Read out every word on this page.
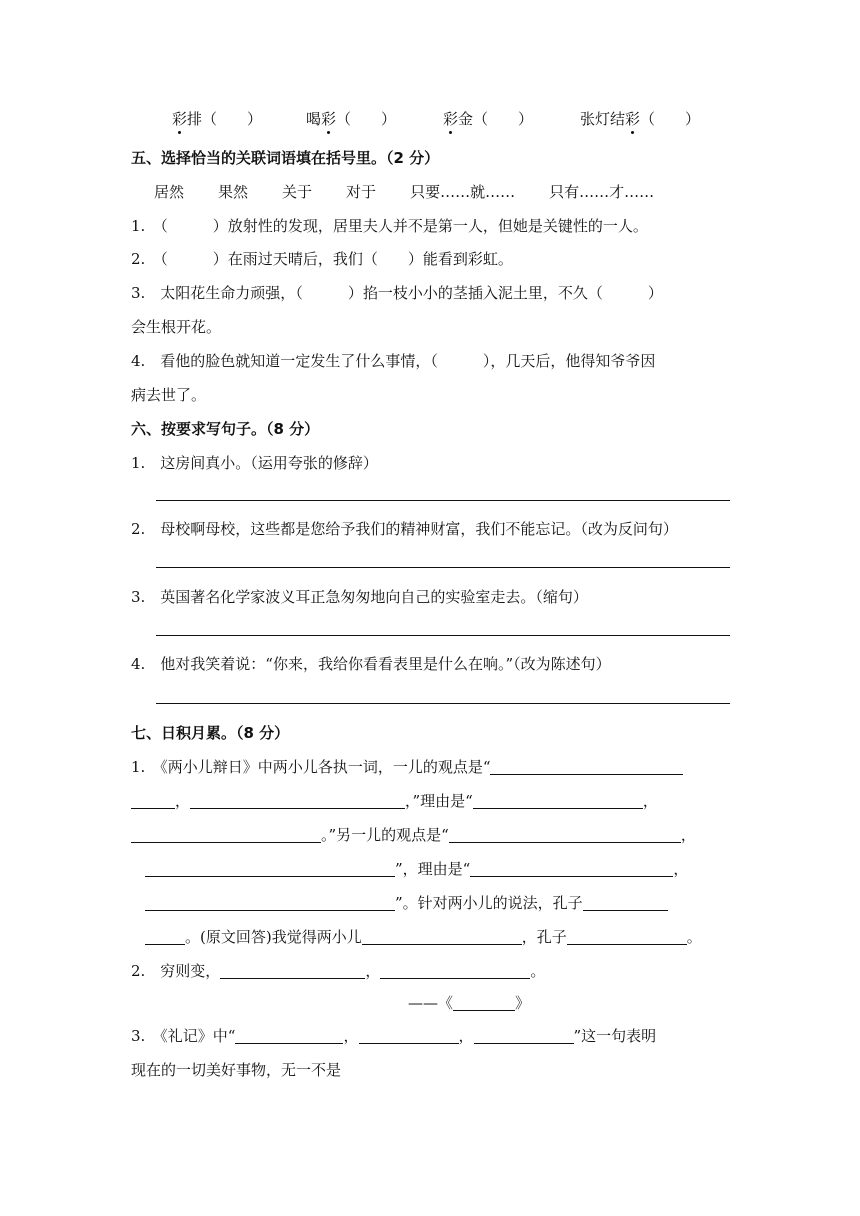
彩排（　　）	喝彩（　　）	彩金（　　）	张灯结彩（　　）
五、选择恰当的关联词语填在括号里。（2 分）
居然 果然 关于 对于 只要……就…… 只有……才……
1.　（　　　）放射性的发现，居里夫人并不是第一人，但她是关键性的一人。
2.　（　　　）在雨过天晴后，我们（　　）能看到彩虹。
3.　太阳花生命力顽强，（　　　）掐一枝小小的茎插入泥土里，不久（　　　）
会生根开花。
4.　看他的脸色就知道一定发生了什么事情，（　　　），几天后，他得知爷爷因
病去世了。
六、按要求写句子。（8 分）
1.　这房间真小。（运用夸张的修辞）
2.　母校啊母校，这些都是您给予我们的精神财富，我们不能忘记。（改为反问句）
3.　英国著名化学家波义耳正急匆匆地向自己的实验室走去。（缩句）
4.　他对我笑着说：“你来，我给你看看表里是什么在响。”（改为陈述句）
七、日积月累。（8 分）
1.　《两小儿辩日》中两小儿各执一词，一儿的观点是“
，	，”理由是“	，
。”另一儿的观点是“	，
”，理由是“	，
”。针对两小儿的说法，孔子
。(原文回答)我觉得两小儿	，孔子	。
2.　穷则变，	，	。
——《	》
3.　《礼记》中“	，	，	”这一句表明
现在的一切美好事物，无一不是
